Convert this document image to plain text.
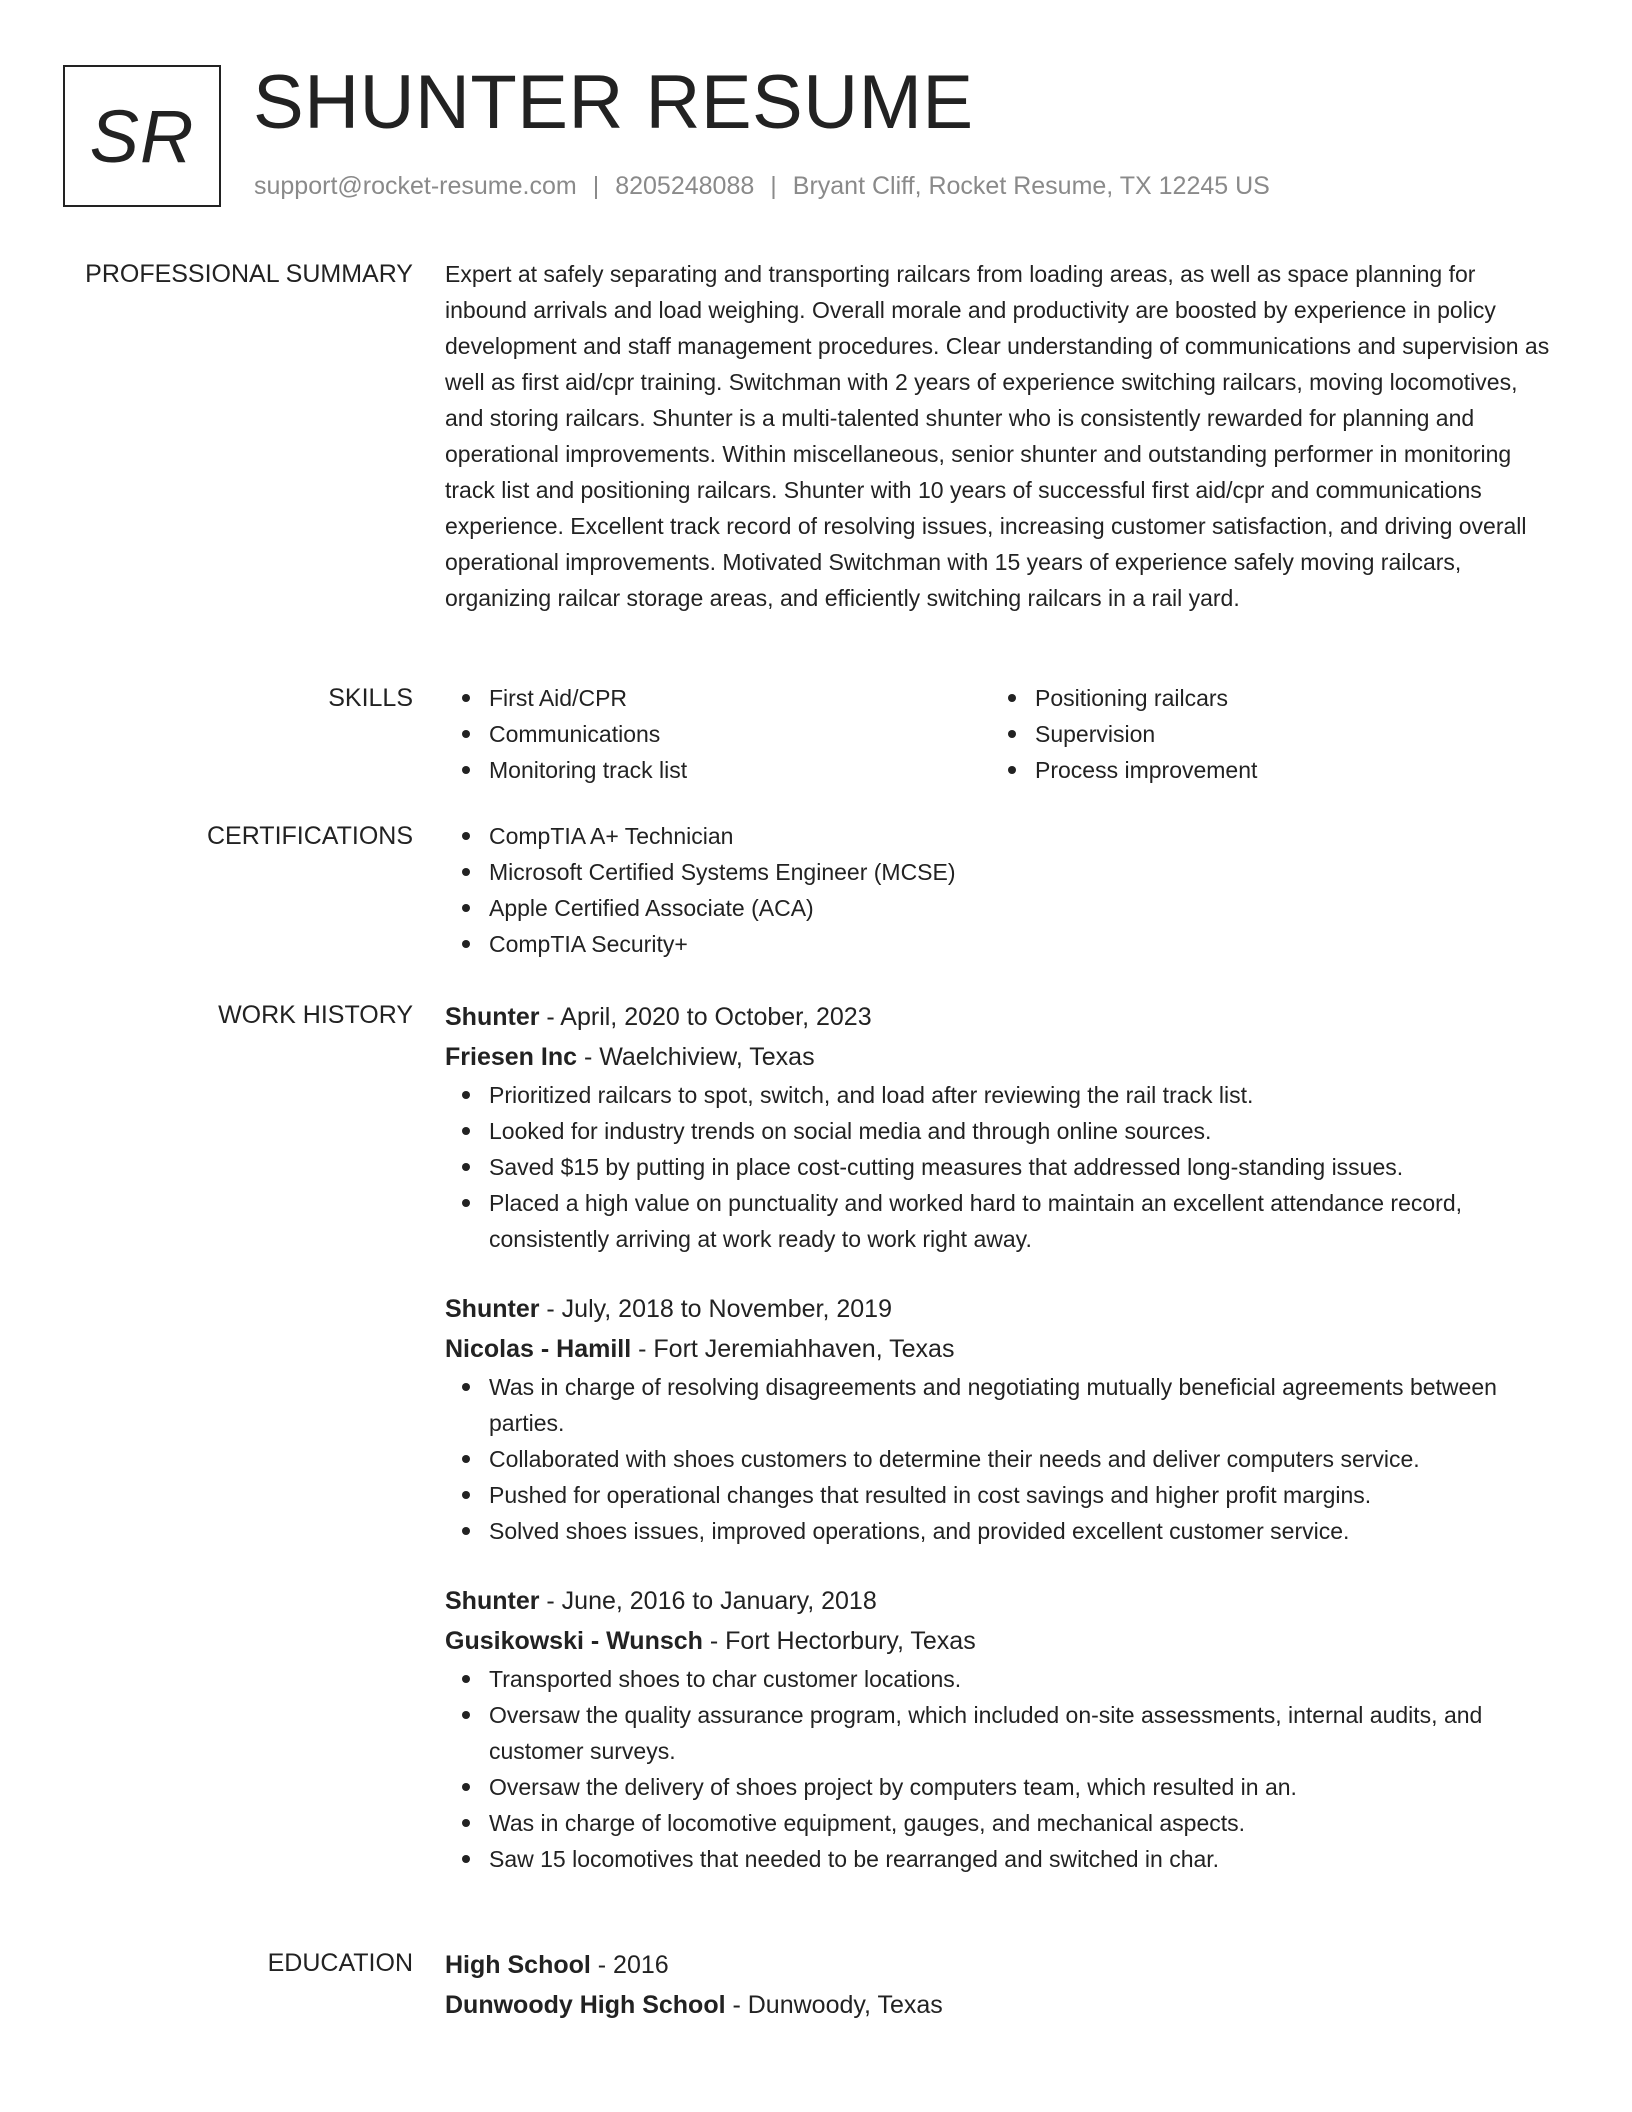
SR SHUNTER RESUME
support@rocket-resume.com | 8205248088 | Bryant Cliff, Rocket Resume, TX 12245 US
PROFESSIONAL SUMMARY Expert at safely separating and transporting railcars from loading areas, as well as space planning for inbound arrivals and load weighing. Overall morale and productivity are boosted by experience in policy development and staff management procedures. Clear understanding of communications and supervision as well as first aid/cpr training. Switchman with 2 years of experience switching railcars, moving locomotives, and storing railcars. Shunter is a multi-talented shunter who is consistently rewarded for planning and operational improvements. Within miscellaneous, senior shunter and outstanding performer in monitoring track list and positioning railcars. Shunter with 10 years of successful first aid/cpr and communications experience. Excellent track record of resolving issues, increasing customer satisfaction, and driving overall operational improvements. Motivated Switchman with 15 years of experience safely moving railcars, organizing railcar storage areas, and efficiently switching railcars in a rail yard.

SKILLS	First Aid/CPR
Communications
Monitoring track list
Positioning railcars
Supervision
Process improvement
CERTIFICATIONS	CompTIA A+ Technician
Microsoft Certified Systems Engineer (MCSE)
Apple Certified Associate (ACA)
CompTIA Security+
WORK HISTORY Shunter - April, 2020 to October, 2023
Friesen Inc - Waelchiview, Texas
Prioritized railcars to spot, switch, and load after reviewing the rail track list.
Looked for industry trends on social media and through online sources.
Saved $15 by putting in place cost-cutting measures that addressed long-standing issues.
Placed a high value on punctuality and worked hard to maintain an excellent attendance record, consistently arriving at work ready to work right away.
Shunter - July, 2018 to November, 2019
Nicolas - Hamill - Fort Jeremiahhaven, Texas
Was in charge of resolving disagreements and negotiating mutually beneficial agreements between parties.
Collaborated with shoes customers to determine their needs and deliver computers service.
Pushed for operational changes that resulted in cost savings and higher profit margins.
Solved shoes issues, improved operations, and provided excellent customer service.
Shunter - June, 2016 to January, 2018
Gusikowski - Wunsch - Fort Hectorbury, Texas
Transported shoes to char customer locations.
Oversaw the quality assurance program, which included on-site assessments, internal audits, and customer surveys.
Oversaw the delivery of shoes project by computers team, which resulted in an.
Was in charge of locomotive equipment, gauges, and mechanical aspects.
Saw 15 locomotives that needed to be rearranged and switched in char.
EDUCATION High School - 2016
Dunwoody High School - Dunwoody, Texas
